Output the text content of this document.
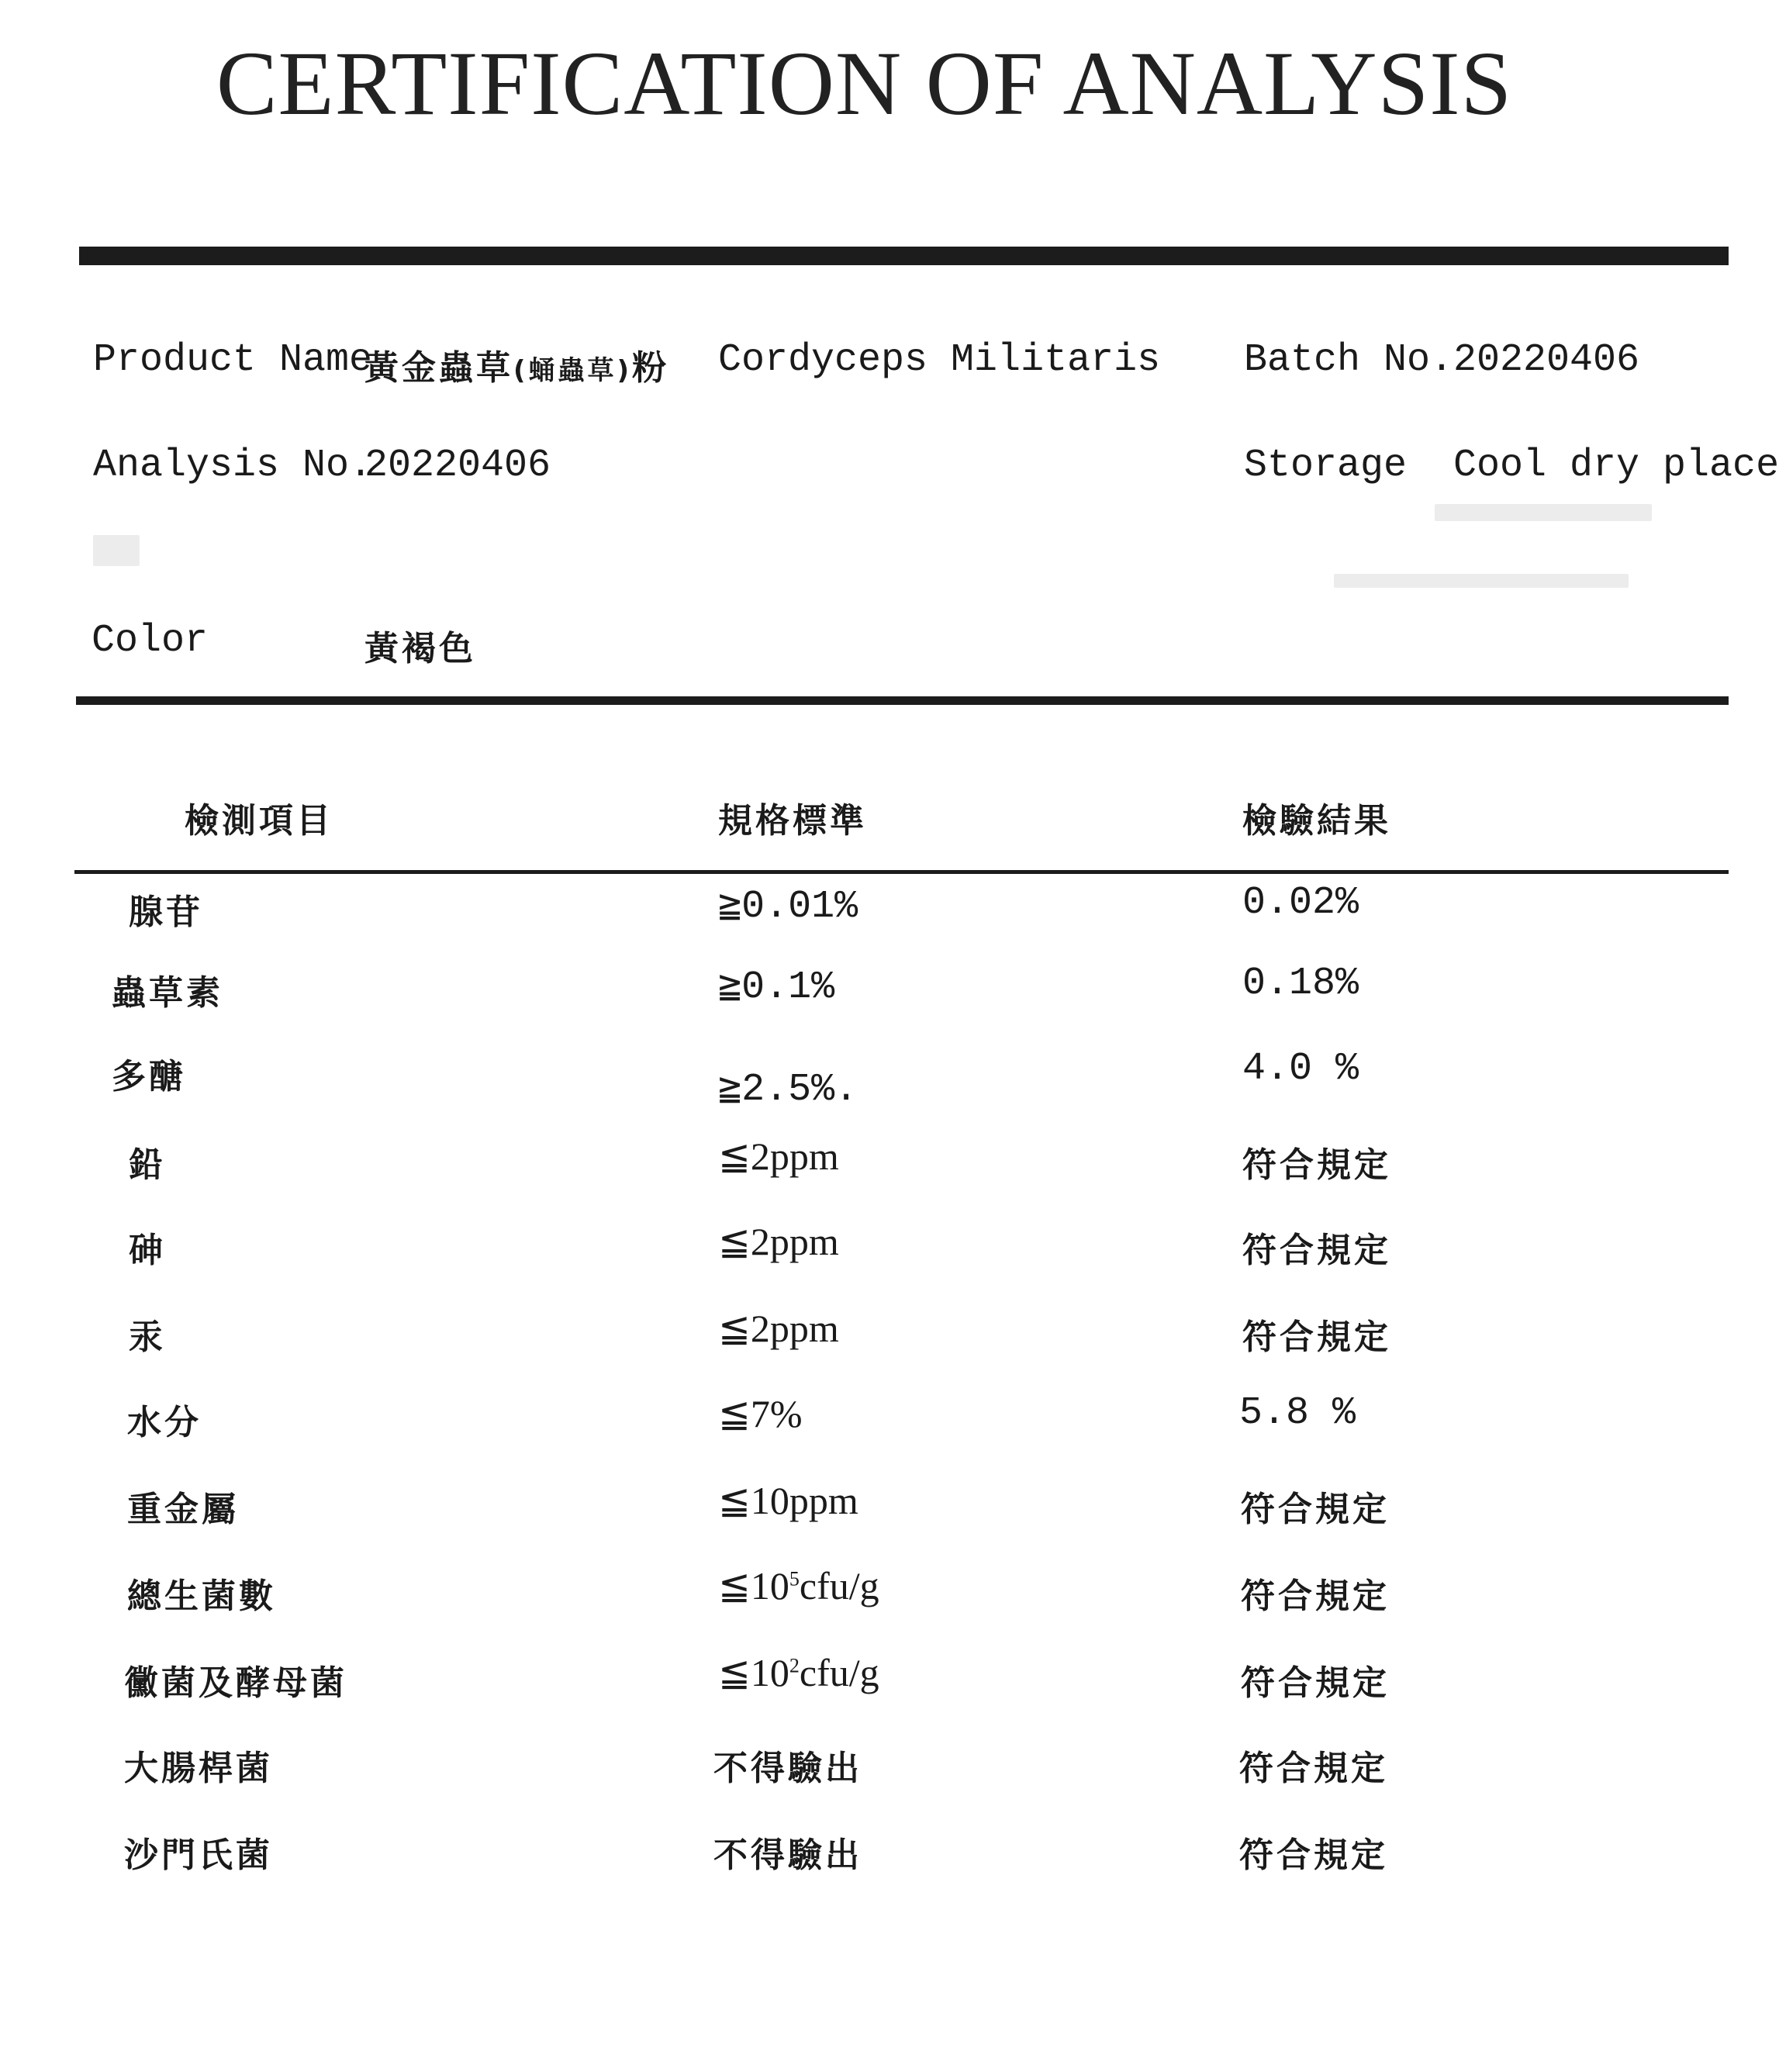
CERTIFICATION OF ANALYSIS
Product Name
黃金蟲草(蛹蟲草)粉 Cordyceps Militaris Batch No. 20220406
Analysis No.
20220406	Storage Cool dry place
Color	黃褐色
檢測項目	規格標準	檢驗結果
腺苷	≧0.01%	0.02%
蟲草素	≧0.1%	0.18%
多醣	≧2.5%.	4.0 %
鉛	≦2ppm	符合規定
砷	≦2ppm	符合規定
汞	≦2ppm	符合規定
水分	≦7%	5.8 %
重金屬	≦10ppm	符合規定
總生菌數	$≦10^5cfu/g$	符合規定
黴菌及酵母菌	$≦10^2cfu/g$	符合規定
大腸桿菌	不得驗出	符合規定
沙門氏菌	不得驗出	符合規定
